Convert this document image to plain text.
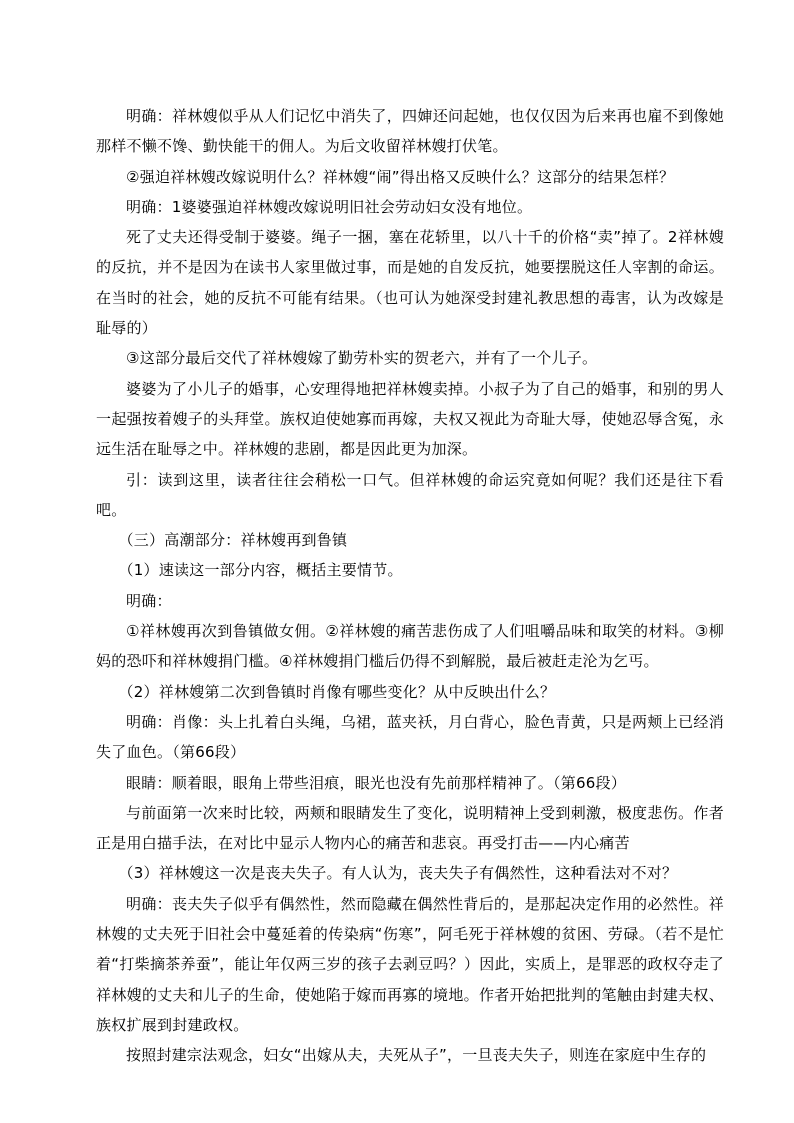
明确：祥林嫂似乎从人们记忆中消失了，四婶还问起她，也仅仅因为后来再也雇不到像她那样不懒不馋、勤快能干的佣人。为后文收留祥林嫂打伏笔。

②强迫祥林嫂改嫁说明什么？祥林嫂“闹”得出格又反映什么？这部分的结果怎样？

明确：1婆婆强迫祥林嫂改嫁说明旧社会劳动妇女没有地位。

死了丈夫还得受制于婆婆。绳子一捆，塞在花轿里，以八十千的价格“卖”掉了。2祥林嫂的反抗，并不是因为在读书人家里做过事，而是她的自发反抗，她要摆脱这任人宰割的命运。在当时的社会，她的反抗不可能有结果。（也可认为她深受封建礼教思想的毒害，认为改嫁是耻辱的）

③这部分最后交代了祥林嫂嫁了勤劳朴实的贺老六，并有了一个儿子。

婆婆为了小儿子的婚事，心安理得地把祥林嫂卖掉。小叔子为了自己的婚事，和别的男人一起强按着嫂子的头拜堂。族权迫使她寡而再嫁，夫权又视此为奇耻大辱，使她忍辱含冤，永远生活在耻辱之中。祥林嫂的悲剧，都是因此更为加深。

引：读到这里，读者往往会稍松一口气。但祥林嫂的命运究竟如何呢？我们还是往下看吧。

（三）高潮部分：祥林嫂再到鲁镇

（1）速读这一部分内容，概括主要情节。

明确：

①祥林嫂再次到鲁镇做女佣。②祥林嫂的痛苦悲伤成了人们咀嚼品味和取笑的材料。③柳妈的恐吓和祥林嫂捐门槛。④祥林嫂捐门槛后仍得不到解脱，最后被赶走沦为乞丐。

（2）祥林嫂第二次到鲁镇时肖像有哪些变化？从中反映出什么？

明确：肖像：头上扎着白头绳，乌裙，蓝夹袄，月白背心，脸色青黄，只是两颊上已经消失了血色。（第66段）

眼睛：顺着眼，眼角上带些泪痕，眼光也没有先前那样精神了。（第66段）

与前面第一次来时比较，两颊和眼睛发生了变化，说明精神上受到刺激，极度悲伤。作者正是用白描手法，在对比中显示人物内心的痛苦和悲哀。再受打击——内心痛苦

（3）祥林嫂这一次是丧夫失子。有人认为，丧夫失子有偶然性，这种看法对不对？

明确：丧夫失子似乎有偶然性，然而隐藏在偶然性背后的，是那起决定作用的必然性。祥林嫂的丈夫死于旧社会中蔓延着的传染病“伤寒”，阿毛死于祥林嫂的贫困、劳碌。（若不是忙着“打柴摘茶养蚕”，能让年仅两三岁的孩子去剥豆吗？）因此，实质上，是罪恶的政权夺走了祥林嫂的丈夫和儿子的生命，使她陷于嫁而再寡的境地。作者开始把批判的笔触由封建夫权、族权扩展到封建政权。

按照封建宗法观念，妇女“出嫁从夫，夫死从子”，一旦丧夫失子，则连在家庭中生存的
